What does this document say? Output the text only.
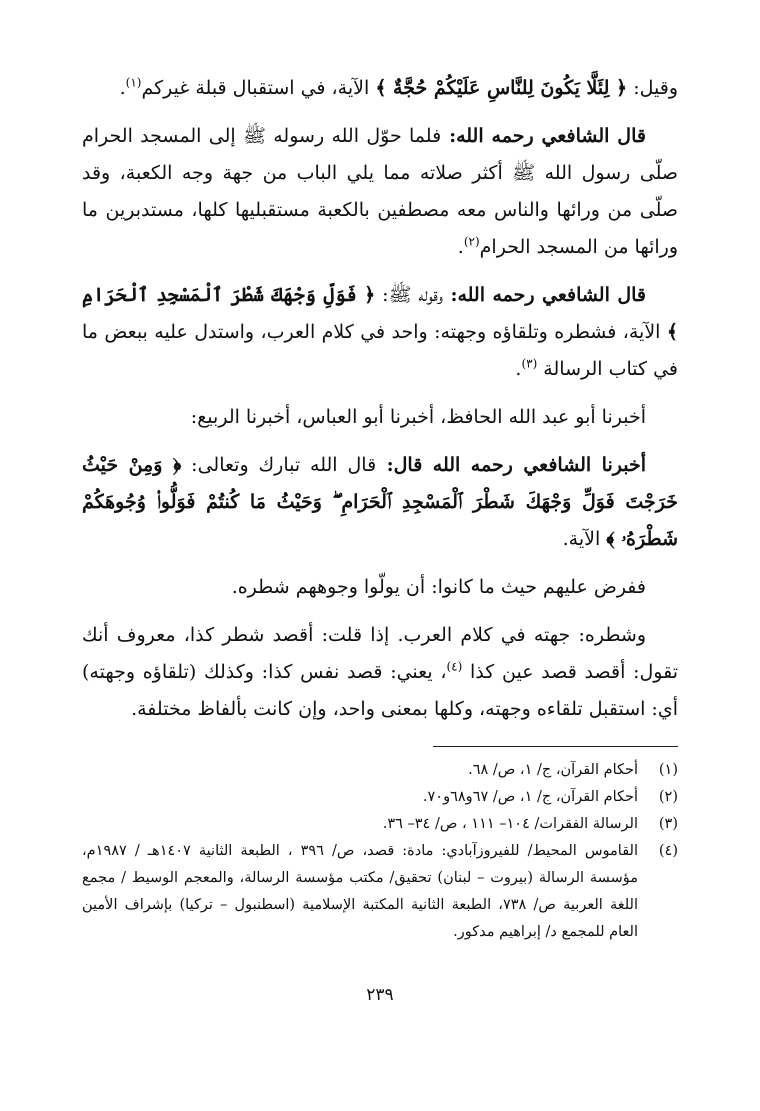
وقيل: ﴿ لِئَلَّا يَكُونَ لِلنَّاسِ عَلَيْكُمْ حُجَّةٌ ﴾ الآية، في استقبال قبلة غيركم$^{(١)}$.

قال الشافعي رحمه الله: فلما حوّل الله رسوله ﷺ إلى المسجد الحرام صلّى رسول الله ﷺ أكثر صلاته مما يلي الباب من جهة وجه الكعبة، وقد صلّى من ورائها والناس معه مصطفين بالكعبة مستقبليها كلها، مستدبرين ما ورائها من المسجد الحرام$^{(٢)}$.

قال الشافعي رحمه الله: وقوله ﷺ: ﴿ فَوَلِّ وَجْهَكَ شَطْرَ ٱلْمَسْجِدِ ٱلْحَرَامِ ﴾ الآية، فشطره وتلقاؤه وجهته: واحد في كلام العرب، واستدل عليه ببعض ما في كتاب الرسالة $^{(٣)}$.

أخبرنا أبو عبد الله الحافظ، أخبرنا أبو العباس، أخبرنا الربيع:

أخبرنا الشافعي رحمه الله قال: قال الله تبارك وتعالى: ﴿ وَمِنْ حَيْثُ خَرَجْتَ فَوَلِّ وَجْهَكَ شَطْرَ ٱلْمَسْجِدِ ٱلْحَرَامِ ۖ وَحَيْثُ مَا كُنتُمْ فَوَلُّوا۟ وُجُوهَكُمْ شَطْرَهُۥ ﴾ الآية.

ففرض عليهم حيث ما كانوا: أن يولّوا وجوههم شطره.

وشطره: جهته في كلام العرب. إذا قلت: أقصد شطر كذا، معروف أنك تقول: أقصد قصد عين كذا $^{(٤)}$، يعني: قصد نفس كذا: وكذلك (تلقاؤه وجهته) أي: استقبل تلقاءه وجهته، وكلها بمعنى واحد، وإن كانت بألفاظ مختلفة.

(١)
أحكام القرآن، ج/ ١، ص/ ٦٨.
(٢)
أحكام القرآن، ج/ ١، ص/ ٦٧و٦٨و٧٠.
(٣)
الرسالة الفقرات/ ١٠٤– ١١١ ، ص/ ٣٤– ٣٦.
(٤)
القاموس المحيط/ للفيروزآبادي: مادة: قصد، ص/ ٣٩٦ ، الطبعة الثانية ١٤٠٧هـ / ١٩٨٧م، مؤسسة الرسالة (بيروت – لبنان) تحقيق/ مكتب مؤسسة الرسالة، والمعجم الوسيط / مجمع اللغة العربية ص/ ٧٣٨، الطبعة الثانية المكتبة الإسلامية (اسطنبول – تركيا) بإشراف الأمين العام للمجمع د/ إبراهيم مدكور.
٢٣٩
